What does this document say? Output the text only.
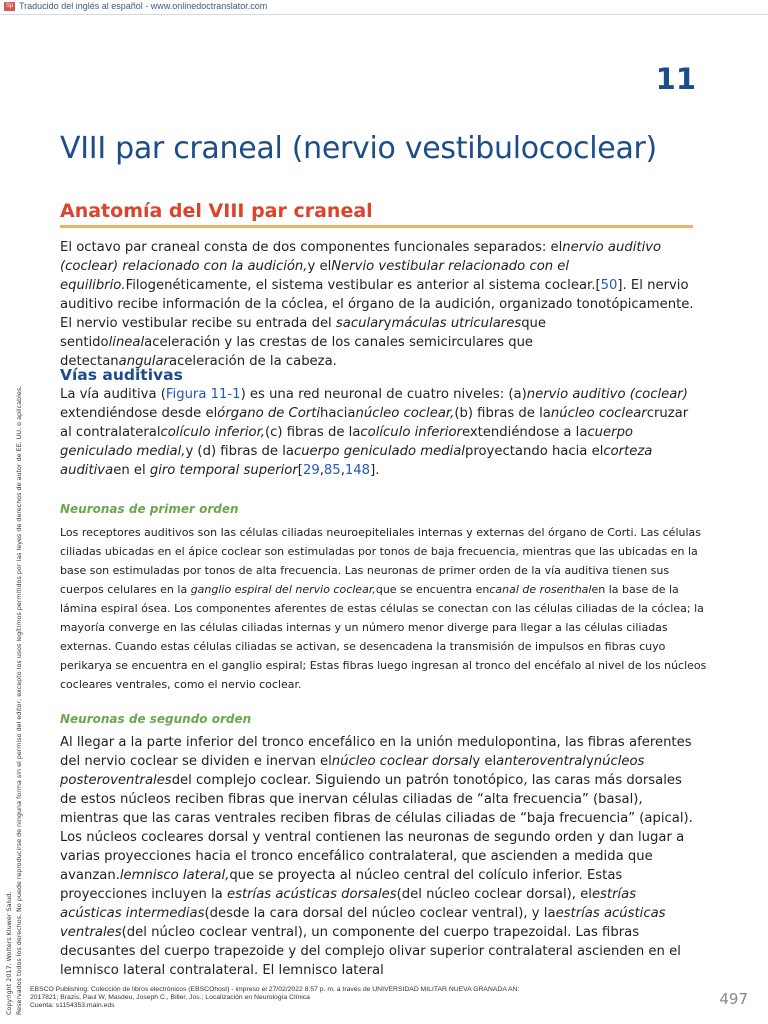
Sp Traducido del inglés al español - www.onlinedoctranslator.com
11
VIII par craneal (nervio vestibulococlear)
Anatomía del VIII par craneal

El octavo par craneal consta de dos componentes funcionales separados: elnervio auditivo (coclear) relacionado con la audición,y elNervio vestibular relacionado con el equilibrio.Filogenéticamente, el sistema vestibular es anterior al sistema coclear.[50]. El nervio auditivo recibe información de la cóclea, el órgano de la audición, organizado tonotópicamente. El nervio vestibular recibe su entrada del sacularymáculas utricularesque sentidolinealaceleración y las crestas de los canales semicirculares que detectanangularaceleración de la cabeza.

Vías auditivas

La vía auditiva (Figura 11-1) es una red neuronal de cuatro niveles: (a)nervio auditivo (coclear) extendiéndose desde elórgano de Cortihacianúcleo coclear,(b) fibras de lanúcleo coclearcruzar al contralateralcolículo inferior,(c) fibras de lacolículo inferiorextendiéndose a lacuerpo geniculado medial,y (d) fibras de lacuerpo geniculado medialproyectando hacia elcorteza auditivaen el giro temporal superior[29,85,148].

Neuronas de primer orden

Los receptores auditivos son las células ciliadas neuroepiteliales internas y externas del órgano de Corti. Las células ciliadas ubicadas en el ápice coclear son estimuladas por tonos de baja frecuencia, mientras que las ubicadas en la base son estimuladas por tonos de alta frecuencia. Las neuronas de primer orden de la vía auditiva tienen sus cuerpos celulares en la ganglio espiral del nervio coclear,que se encuentra encanal de rosenthalen la base de la lámina espiral ósea. Los componentes aferentes de estas células se conectan con las células ciliadas de la cóclea; la mayoría converge en las células ciliadas internas y un número menor diverge para llegar a las células ciliadas externas. Cuando estas células ciliadas se activan, se desencadena la transmisión de impulsos en fibras cuyo perikarya se encuentra en el ganglio espiral; Estas fibras luego ingresan al tronco del encéfalo al nivel de los núcleos cocleares ventrales, como el nervio coclear.

Neuronas de segundo orden

Al llegar a la parte inferior del tronco encefálico en la unión medulopontina, las fibras aferentes del nervio coclear se dividen e inervan elnúcleo coclear dorsaly elanteroventralynúcleos posteroventralesdel complejo coclear. Siguiendo un patrón tonotópico, las caras más dorsales de estos núcleos reciben fibras que inervan células ciliadas de “alta frecuencia” (basal), mientras que las caras ventrales reciben fibras de células ciliadas de “baja frecuencia” (apical). Los núcleos cocleares dorsal y ventral contienen las neuronas de segundo orden y dan lugar a varias proyecciones hacia el tronco encefálico contralateral, que ascienden a medida que avanzan.lemnisco lateral,que se proyecta al núcleo central del colículo inferior. Estas proyecciones incluyen la estrías acústicas dorsales(del núcleo coclear dorsal), elestrías acústicas intermedias(desde la cara dorsal del núcleo coclear ventral), y laestrías acústicas ventrales(del núcleo coclear ventral), un componente del cuerpo trapezoidal. Las fibras decusantes del cuerpo trapezoide y del complejo olivar superior contralateral ascienden en el lemnisco lateral contralateral. El lemnisco lateral

Copyright 2017. Wolters Kluwer Salud. Reservados todos los derechos. No puede reproducirse de ninguna forma sin el permiso del editor, excepto los usos legítimos permitidos por las leyes de derechos de autor de EE. UU. o aplicables. EBSCO Publishing: Colección de libros electrónicos (EBSCOhost) - impreso el 27/02/2022 8:57 p. m. a través de UNIVERSIDAD MILITAR NUEVA GRANADA AN:
2017821; Brazis, Paul W, Masdeu, Joseph C., Biller, Jos.; Localización en Neurología Clínica
Cuenta: s1154353.main.eds	497
